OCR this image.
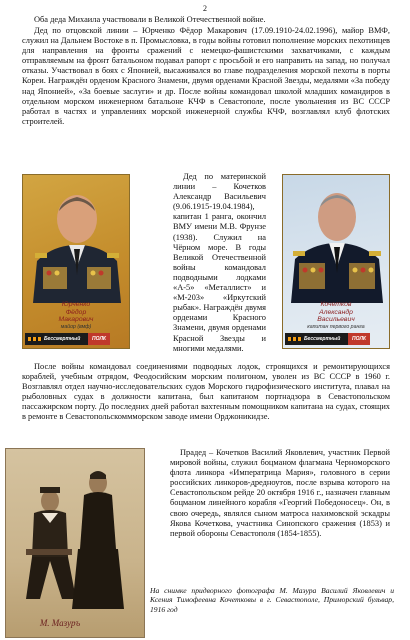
2

Оба деда Михаила участвовали в Великой Отечественной войне.

Дед по отцовской линии – Юрченко Фёдор Макарович (17.09.1910-24.02.1996), майор ВМФ, служил на Дальнем Востоке в п. Промысловка, в годы войны готовил пополнение морских пехотинцев для направления на фронты сражений с немецко-фашистскими захватчиками, с каждым отправляемым на фронт батальоном подавал рапорт с просьбой и его направить на запад, но получал отказы. Участвовал в боях с Японией, высаживался во главе подразделения морской пехоты в порты Кореи. Награждён орденом Красного Знамени, двумя орденами Красной Звезды, медалями «За победу над Японией», «За боевые заслуги» и др. После войны командовал школой младших командиров в отдельном морском инженерном батальоне КЧФ в Севастополе, после увольнения из ВС СССР работал в частях и управлениях морской инженерной службы КЧФ, возглавлял клуб флотских строителей.

Юрченко
Фёдор
Макарович
майор (вмф)
Бессмертный	ПОЛК

Дед по материнской линии – Кочетков Александр Васильевич (9.06.1915-19.04.1984), капитан 1 ранга, окончил ВМУ имени М.В. Фрунзе (1938). Служил на Чёрном море. В годы Великой Отечественной войны командовал подводными лодками «А-5» «Металлист» и «М-203» «Иркутский рыбак». Награждён двумя орденами Красного Знамени, двумя орденами Красной Звезды и многими медалями.

Кочетков
Александр
Васильевич
капитан первого ранга
Бессмертный	ПОЛК

После войны командовал соединениями подводных лодок, строящихся и ремонтирующихся кораблей, учебным отрядом, Феодосийским морским полигоном, уволен из ВС СССР в 1960 г. Возглавлял отдел научно-исследовательских судов Морского гидрофизического института, плавал на рыболовных судах в должности капитана, был капитаном портнадзора в Севастопольском пассажирском порту. До последних дней работал вахтенным помощником капитана на судах, стоящих в ремонте в Севастопольскоммморском заводе имени Орджоникидзе.

М. Мазуръ

Прадед – Кочетков Василий Яковлевич, участник Первой мировой войны, служил боцманом флагмана Черноморского флота линкора «Императрица Мария», головного в серии российских линкоров-дредноутов, после взрыва которого на Севастопольском рейде 20 октября 1916 г., назначен главным боцманом линейного корабля «Георгий Победоносец». Он, в свою очередь, являлся сыном матроса нахимовской эскадры Якова Кочеткова, участника Синопского сражения (1853) и первой обороны Севастополя (1854-1855).

На снимке придворного фотографа М. Мазура Василий Яковлевич и Ксения Тимофеевна Кочетковы в г. Севастополе, Приморский бульвар, 1916 год
